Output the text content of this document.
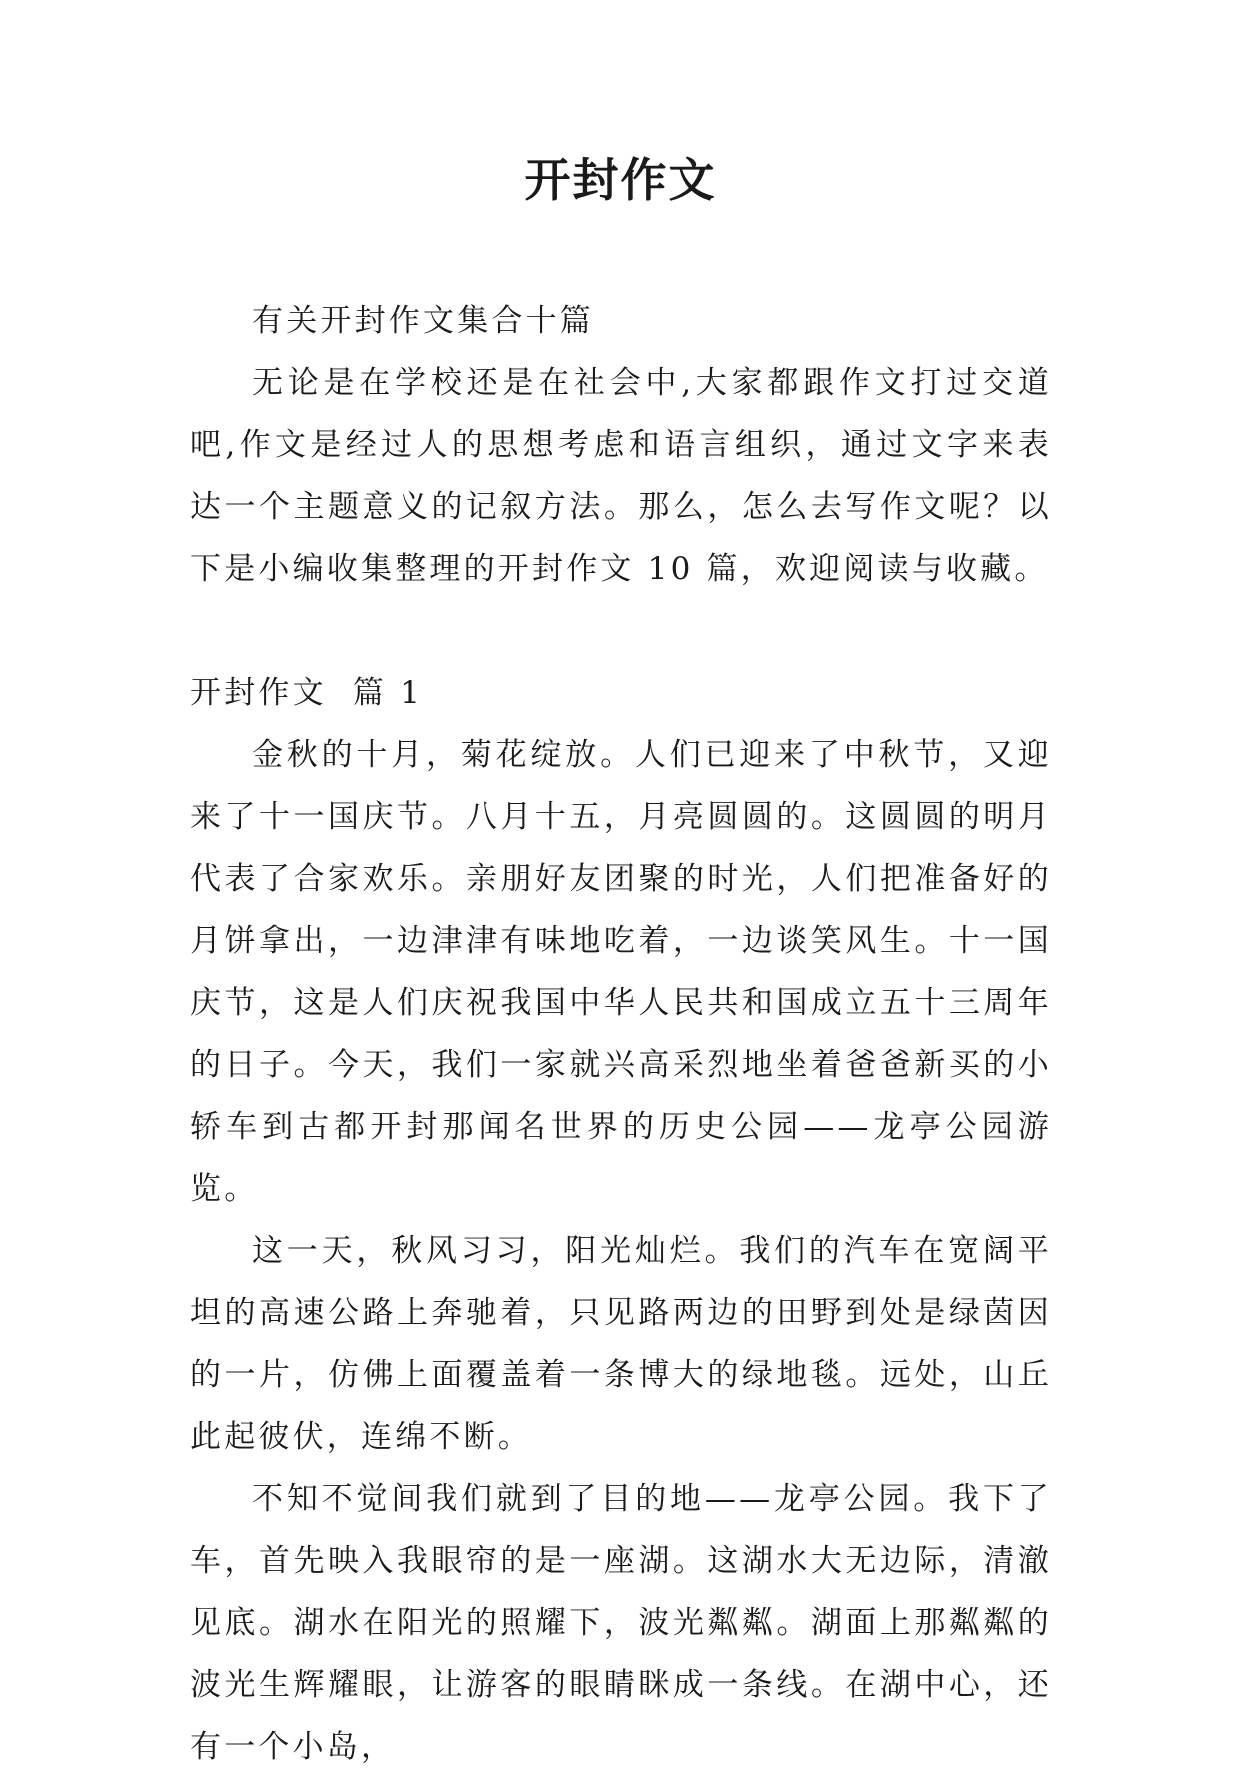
开封作文

有关开封作文集合十篇

无论是在学校还是在社会中,大家都跟作文打过交道吧,作文是经过人的思想考虑和语言组织，通过文字来表达一个主题意义的记叙方法。那么，怎么去写作文呢？以下是小编收集整理的开封作文 10 篇，欢迎阅读与收藏。

开封作文  篇 1

金秋的十月，菊花绽放。人们已迎来了中秋节，又迎来了十一国庆节。八月十五，月亮圆圆的。这圆圆的明月代表了合家欢乐。亲朋好友团聚的时光，人们把准备好的月饼拿出，一边津津有味地吃着，一边谈笑风生。十一国庆节，这是人们庆祝我国中华人民共和国成立五十三周年的日子。今天，我们一家就兴高采烈地坐着爸爸新买的小轿车到古都开封那闻名世界的历史公园——龙亭公园游览。

这一天，秋风习习，阳光灿烂。我们的汽车在宽阔平坦的高速公路上奔驰着，只见路两边的田野到处是绿茵因的一片，仿佛上面覆盖着一条博大的绿地毯。远处，山丘此起彼伏，连绵不断。

不知不觉间我们就到了目的地——龙亭公园。我下了车，首先映入我眼帘的是一座湖。这湖水大无边际，清澈见底。湖水在阳光的照耀下，波光粼粼。湖面上那粼粼的波光生辉耀眼，让游客的眼睛眯成一条线。在湖中心，还有一个小岛，
